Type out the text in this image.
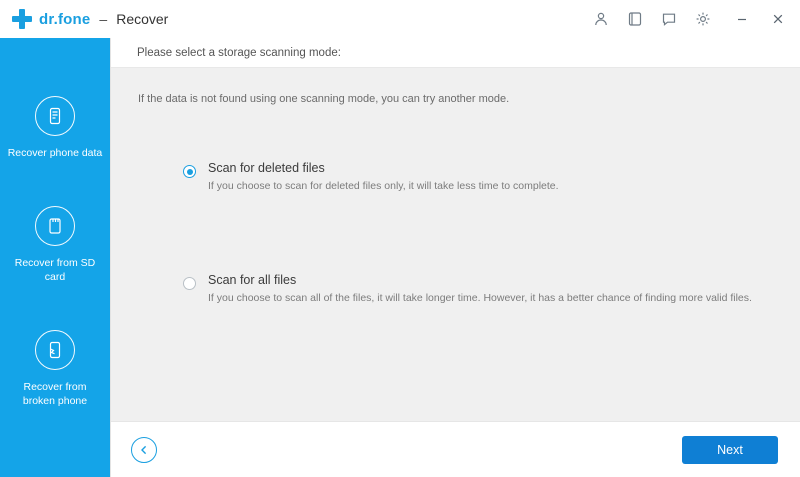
dr.fone – Recover
Recover phone data
Recover from SD card
Recover from broken phone
Please select a storage scanning mode:
If the data is not found using one scanning mode, you can try another mode.
Scan for deleted files
If you choose to scan for deleted files only, it will take less time to complete.
Scan for all files
If you choose to scan all of the files, it will take longer time. However, it has a better chance of finding more valid files.
Next
